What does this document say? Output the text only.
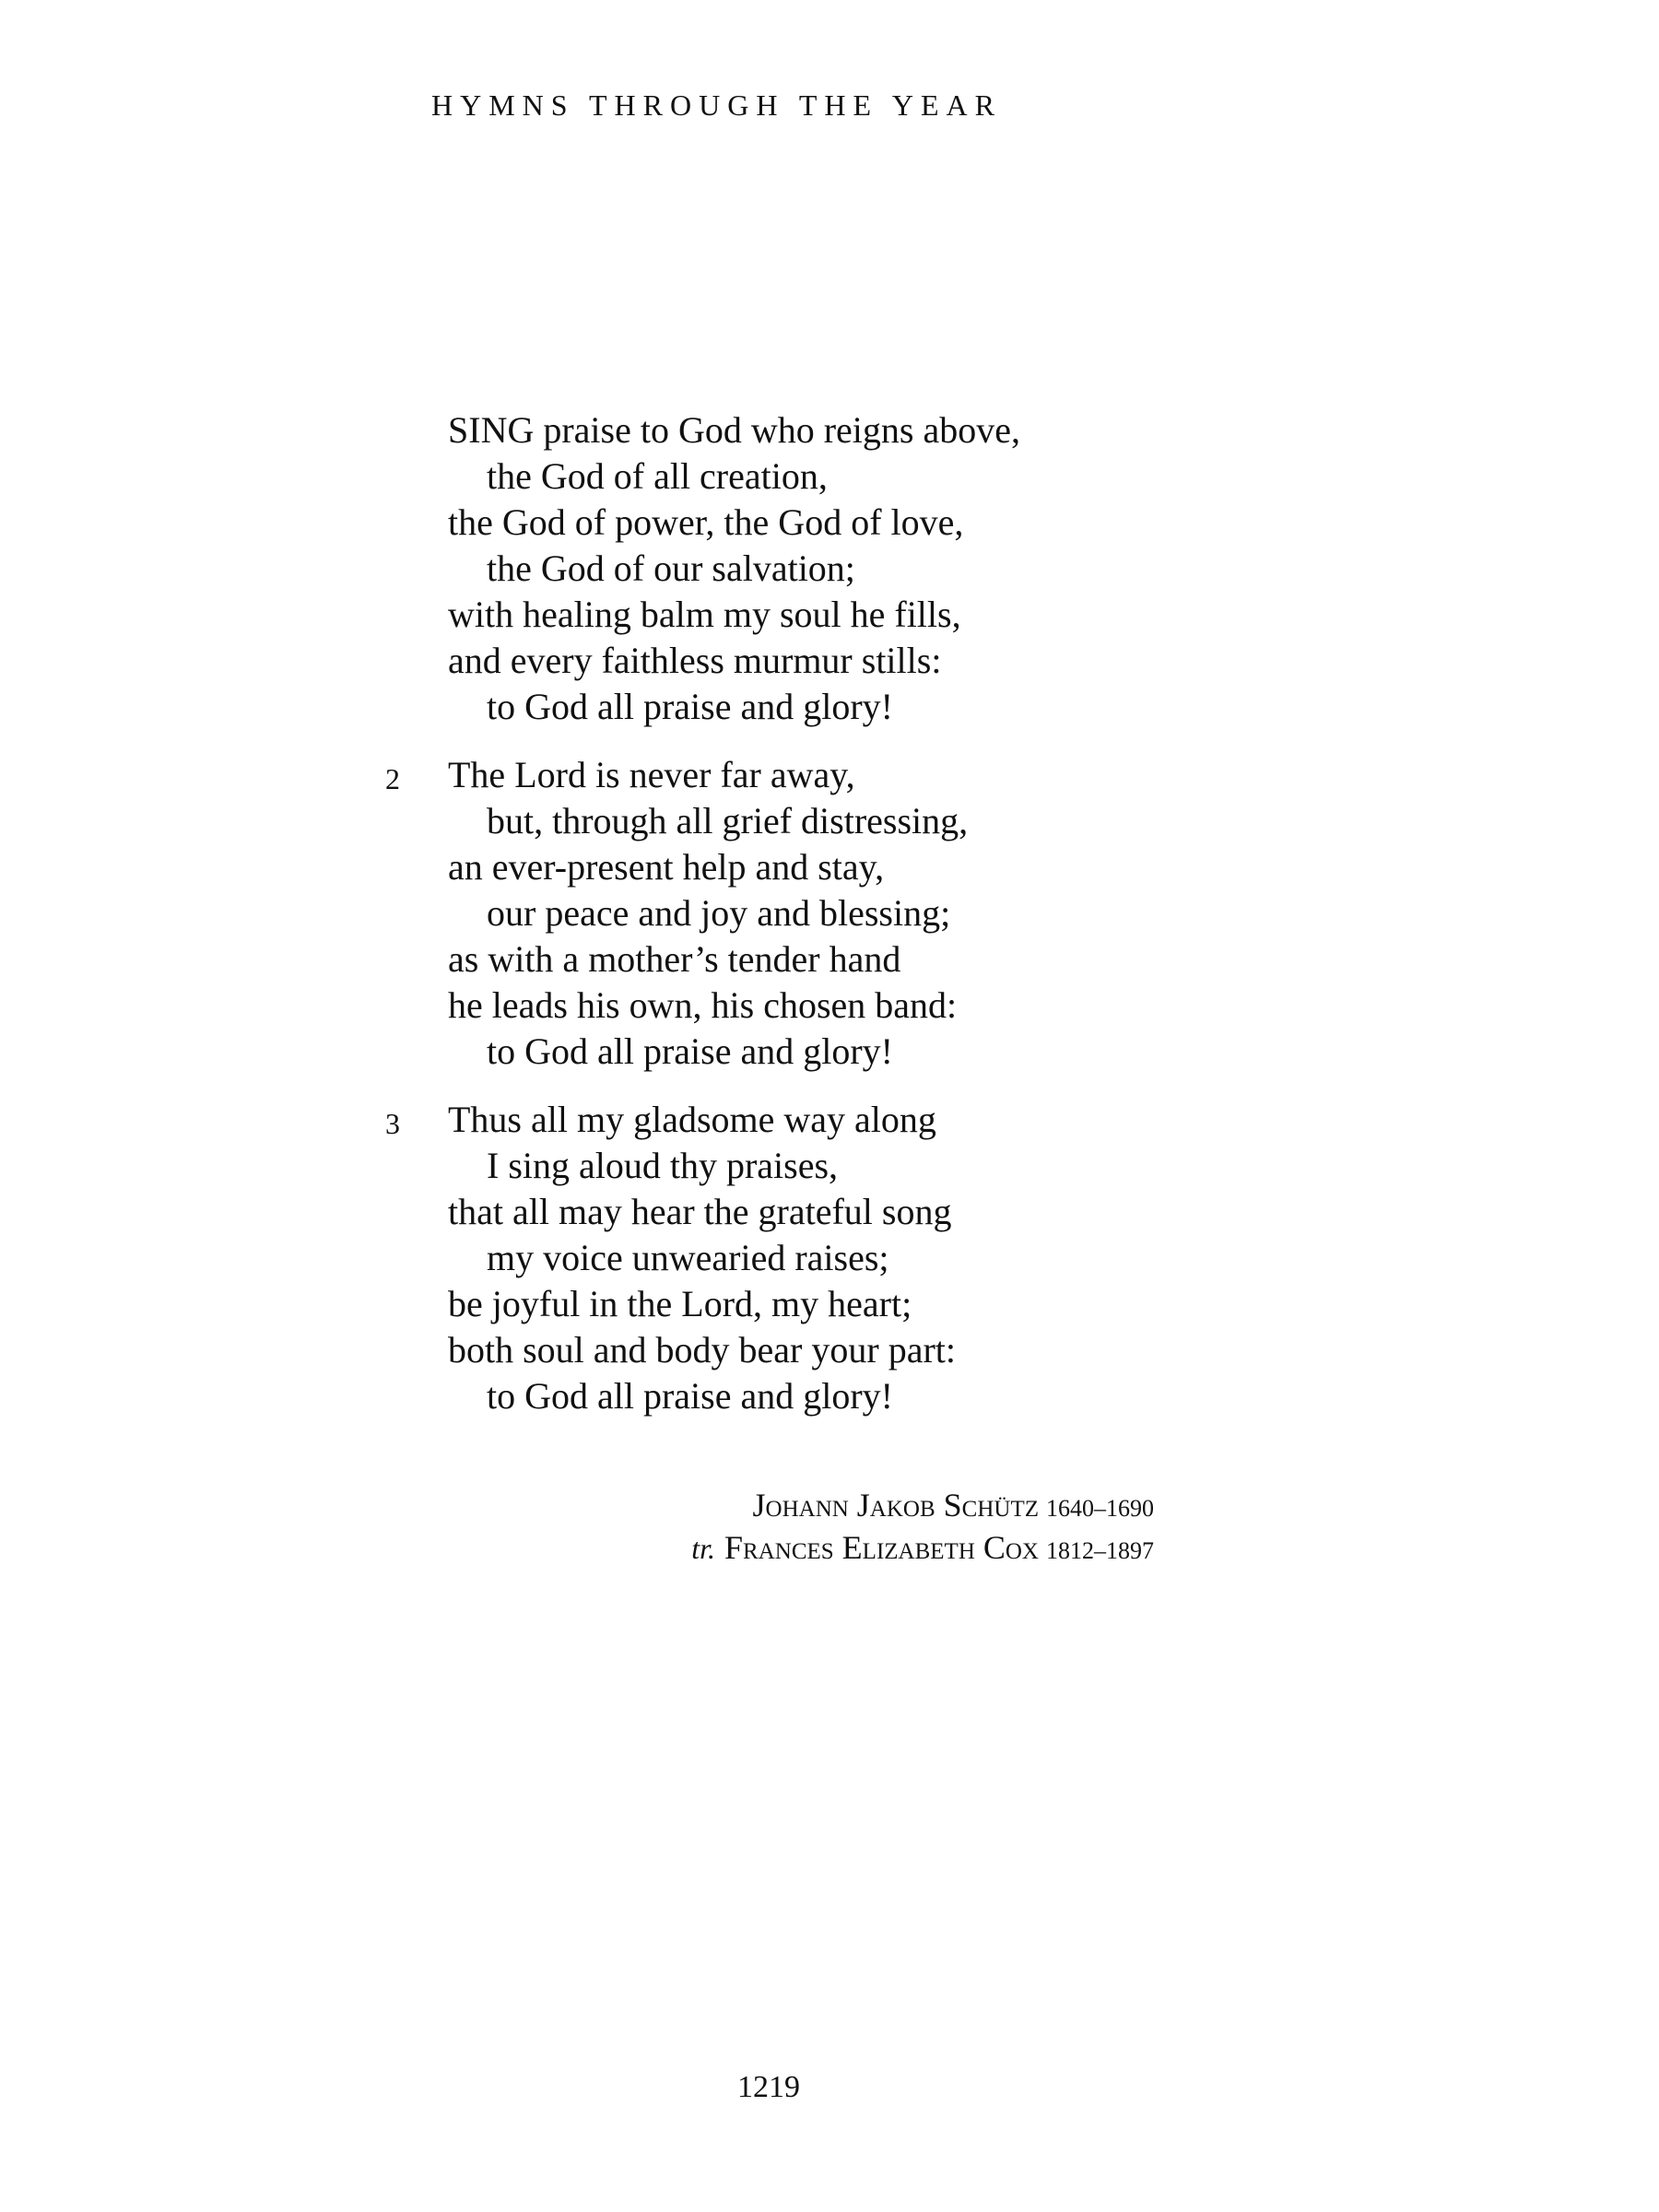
HYMNS THROUGH THE YEAR
SING praise to God who reigns above,
the God of all creation,
the God of power, the God of love,
the God of our salvation;
with healing balm my soul he fills,
and every faithless murmur stills:
to God all praise and glory!
2	The Lord is never far away,
but, through all grief distressing,
an ever-present help and stay,
our peace and joy and blessing;
as with a mother’s tender hand
he leads his own, his chosen band:
to God all praise and glory!
3	Thus all my gladsome way along
I sing aloud thy praises,
that all may hear the grateful song
my voice unwearied raises;
be joyful in the Lord, my heart;
both soul and body bear your part:
to God all praise and glory!
Johann Jakob Schütz 1640–1690
tr. Frances Elizabeth Cox 1812–1897
1219
